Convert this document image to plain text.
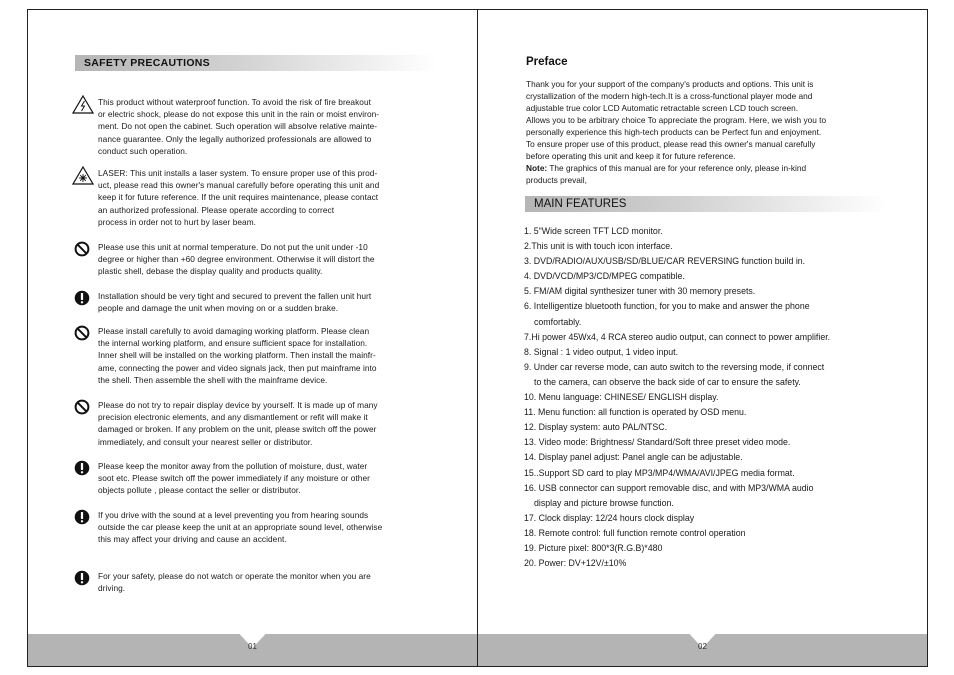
SAFETY PRECAUTIONS
This product without waterproof function. To avoid the risk of fire breakout
or electric shock, please do not expose this unit in the rain or moist environ-
ment. Do not open the cabinet. Such operation will absolve relative mainte-
nance guarantee. Only the legally authorized professionals are allowed to
conduct such operation.
LASER: This unit installs a laser system. To ensure proper use of this prod-
uct, please read this owner's manual carefully before operating this unit and
keep it for future reference. If the unit requires maintenance, please contact
an authorized professional. Please operate according to correct
process in order not to hurt by laser beam.
Please use this unit at normal temperature. Do not put the unit under -10
degree or higher than +60 degree environment. Otherwise it will distort the
plastic shell, debase the display quality and products quality.
Installation should be very tight and secured to prevent the fallen unit hurt
people and damage the unit when moving on or a sudden brake.
Please install carefully to avoid damaging working platform. Please clean
the internal working platform, and ensure sufficient space for installation.
Inner shell will be installed on the working platform. Then install the mainfr-
ame, connecting the power and video signals jack, then put mainframe into
the shell. Then assemble the shell with the mainframe device.
Please do not try to repair display device by yourself. It is made up of many
precision electronic elements, and any dismantlement or refit will make it
damaged or broken. If any problem on the unit, please switch off the power
immediately, and consult your nearest seller or distributor.
Please keep the monitor away from the pollution of moisture, dust, water
soot etc. Please switch off the power immediately if any moisture or other
objects pollute , please contact the seller or distributor.
If you drive with the sound at a level preventing you from hearing sounds
outside the car please keep the unit at an appropriate sound level, otherwise
this may affect your driving and cause an accident.
For your safety, please do not watch or operate the monitor when you are
driving.
01
Preface
Thank you for your support of the company's products and options. This unit is
crystallization of the modern high-tech.It is a cross-functional player mode and
adjustable true color LCD Automatic retractable screen LCD touch screen.
Allows you to be arbitrary choice To appreciate the program. Here, we wish you to
personally experience this high-tech products can be Perfect fun and enjoyment.
To ensure proper use of this product, please read this owner's manual carefully
before operating this unit and keep it for future reference.
Note: The graphics of this manual are for your reference only, please in-kind
products prevail,
MAIN FEATURES
1. 5"Wide screen TFT LCD monitor.
2.This unit is with touch icon interface.
3. DVD/RADIO/AUX/USB/SD/BLUE/CAR REVERSING function build in.
4. DVD/VCD/MP3/CD/MPEG compatible.
5. FM/AM digital synthesizer tuner with 30 memory presets.
6. Intelligentize bluetooth function, for you to make and answer the phone
comfortably.
7.Hi power 45Wx4, 4 RCA stereo audio output, can connect to power amplifier.
8. Signal : 1 video output, 1 video input.
9. Under car reverse mode, can auto switch to the reversing mode, if connect
to the camera, can observe the back side of car to ensure the safety.
10. Menu language: CHINESE/ ENGLISH display.
11. Menu function: all function is operated by OSD menu.
12. Display system: auto PAL/NTSC.
13. Video mode: Brightness/ Standard/Soft three preset video mode.
14. Display panel adjust: Panel angle can be adjustable.
15..Support SD card to play MP3/MP4/WMA/AVI/JPEG media format.
16. USB connector can support removable disc, and with MP3/WMA audio
display and picture browse function.
17. Clock display: 12/24 hours clock display
18. Remote control: full function remote control operation
19. Picture pixel: 800*3(R.G.B)*480
20. Power: DV+12V/±10%
02
